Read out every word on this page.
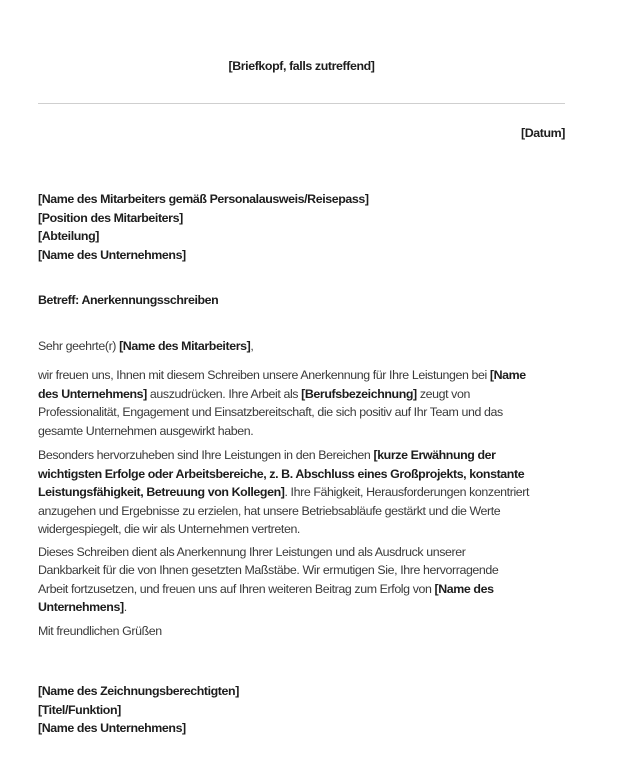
[Briefkopf, falls zutreffend]
[Datum]
[Name des Mitarbeiters gemäß Personalausweis/Reisepass]
[Position des Mitarbeiters]
[Abteilung]
[Name des Unternehmens]
Betreff: Anerkennungsschreiben
Sehr geehrte(r) [Name des Mitarbeiters],
wir freuen uns, Ihnen mit diesem Schreiben unsere Anerkennung für Ihre Leistungen bei [Name
des Unternehmens] auszudrücken. Ihre Arbeit als [Berufsbezeichnung] zeugt von
Professionalität, Engagement und Einsatzbereitschaft, die sich positiv auf Ihr Team und das
gesamte Unternehmen ausgewirkt haben.
Besonders hervorzuheben sind Ihre Leistungen in den Bereichen [kurze Erwähnung der
wichtigsten Erfolge oder Arbeitsbereiche, z. B. Abschluss eines Großprojekts, konstante
Leistungsfähigkeit, Betreuung von Kollegen]. Ihre Fähigkeit, Herausforderungen konzentriert
anzugehen und Ergebnisse zu erzielen, hat unsere Betriebsabläufe gestärkt und die Werte
widergespiegelt, die wir als Unternehmen vertreten.
Dieses Schreiben dient als Anerkennung Ihrer Leistungen und als Ausdruck unserer
Dankbarkeit für die von Ihnen gesetzten Maßstäbe. Wir ermutigen Sie, Ihre hervorragende
Arbeit fortzusetzen, und freuen uns auf Ihren weiteren Beitrag zum Erfolg von [Name des
Unternehmens].
Mit freundlichen Grüßen
[Name des Zeichnungsberechtigten]
[Titel/Funktion]
[Name des Unternehmens]
